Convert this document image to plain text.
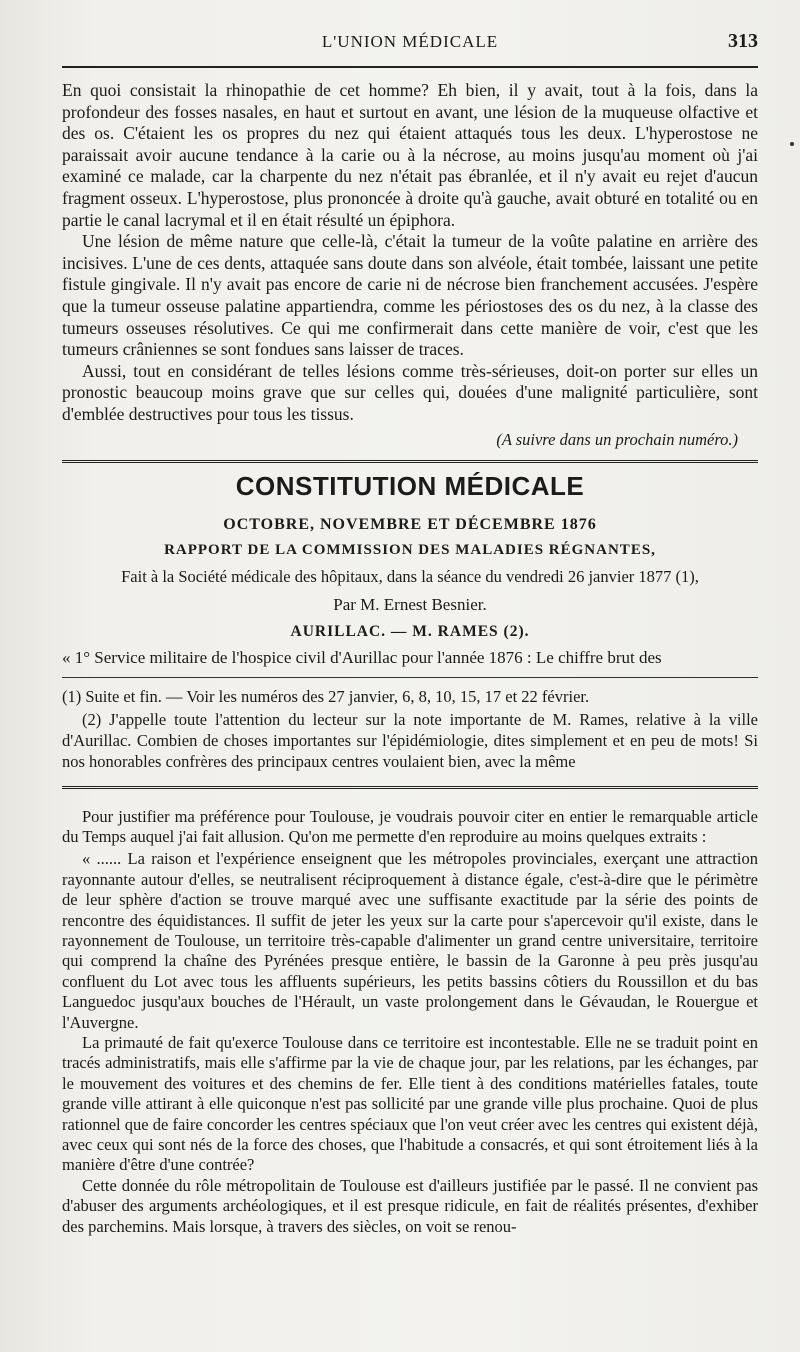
L'UNION MÉDICALE	313

En quoi consistait la rhinopathie de cet homme? Eh bien, il y avait, tout à la fois, dans la profondeur des fosses nasales, en haut et surtout en avant, une lésion de la muqueuse olfactive et des os. C'étaient les os propres du nez qui étaient attaqués tous les deux. L'hyperostose ne paraissait avoir aucune tendance à la carie ou à la nécrose, au moins jusqu'au moment où j'ai examiné ce malade, car la charpente du nez n'était pas ébranlée, et il n'y avait eu rejet d'aucun fragment osseux. L'hyperostose, plus prononcée à droite qu'à gauche, avait obturé en totalité ou en partie le canal lacrymal et il en était résulté un épiphora.

Une lésion de même nature que celle-là, c'était la tumeur de la voûte palatine en arrière des incisives. L'une de ces dents, attaquée sans doute dans son alvéole, était tombée, laissant une petite fistule gingivale. Il n'y avait pas encore de carie ni de nécrose bien franchement accusées. J'espère que la tumeur osseuse palatine appartiendra, comme les périostoses des os du nez, à la classe des tumeurs osseuses résolutives. Ce qui me confirmerait dans cette manière de voir, c'est que les tumeurs crâniennes se sont fondues sans laisser de traces.

Aussi, tout en considérant de telles lésions comme très-sérieuses, doit-on porter sur elles un pronostic beaucoup moins grave que sur celles qui, douées d'une malignité particulière, sont d'emblée destructives pour tous les tissus.

(A suivre dans un prochain numéro.)
CONSTITUTION MÉDICALE
OCTOBRE, NOVEMBRE ET DÉCEMBRE 1876
RAPPORT DE LA COMMISSION DES MALADIES RÉGNANTES,
Fait à la Société médicale des hôpitaux, dans la séance du vendredi 26 janvier 1877 (1),
Par M. Ernest Besnier.
AURILLAC. — M. RAMES (2).

« 1° Service militaire de l'hospice civil d'Aurillac pour l'année 1876 : Le chiffre brut des

(1) Suite et fin. — Voir les numéros des 27 janvier, 6, 8, 10, 15, 17 et 22 février.

(2) J'appelle toute l'attention du lecteur sur la note importante de M. Rames, relative à la ville d'Aurillac. Combien de choses importantes sur l'épidémiologie, dites simplement et en peu de mots! Si nos honorables confrères des principaux centres voulaient bien, avec la même

Pour justifier ma préférence pour Toulouse, je voudrais pouvoir citer en entier le remarquable article du Temps auquel j'ai fait allusion. Qu'on me permette d'en reproduire au moins quelques extraits :

« ...... La raison et l'expérience enseignent que les métropoles provinciales, exerçant une attraction rayonnante autour d'elles, se neutralisent réciproquement à distance égale, c'est-à-dire que le périmètre de leur sphère d'action se trouve marqué avec une suffisante exactitude par la série des points de rencontre des équidistances. Il suffit de jeter les yeux sur la carte pour s'apercevoir qu'il existe, dans le rayonnement de Toulouse, un territoire très-capable d'alimenter un grand centre universitaire, territoire qui comprend la chaîne des Pyrénées presque entière, le bassin de la Garonne à peu près jusqu'au confluent du Lot avec tous les affluents supérieurs, les petits bassins côtiers du Roussillon et du bas Languedoc jusqu'aux bouches de l'Hérault, un vaste prolongement dans le Gévaudan, le Rouergue et l'Auvergne.

La primauté de fait qu'exerce Toulouse dans ce territoire est incontestable. Elle ne se traduit point en tracés administratifs, mais elle s'affirme par la vie de chaque jour, par les relations, par les échanges, par le mouvement des voitures et des chemins de fer. Elle tient à des conditions matérielles fatales, toute grande ville attirant à elle quiconque n'est pas sollicité par une grande ville plus prochaine. Quoi de plus rationnel que de faire concorder les centres spéciaux que l'on veut créer avec les centres qui existent déjà, avec ceux qui sont nés de la force des choses, que l'habitude a consacrés, et qui sont étroitement liés à la manière d'être d'une contrée?

Cette donnée du rôle métropolitain de Toulouse est d'ailleurs justifiée par le passé. Il ne convient pas d'abuser des arguments archéologiques, et il est presque ridicule, en fait de réalités présentes, d'exhiber des parchemins. Mais lorsque, à travers des siècles, on voit se renou-
